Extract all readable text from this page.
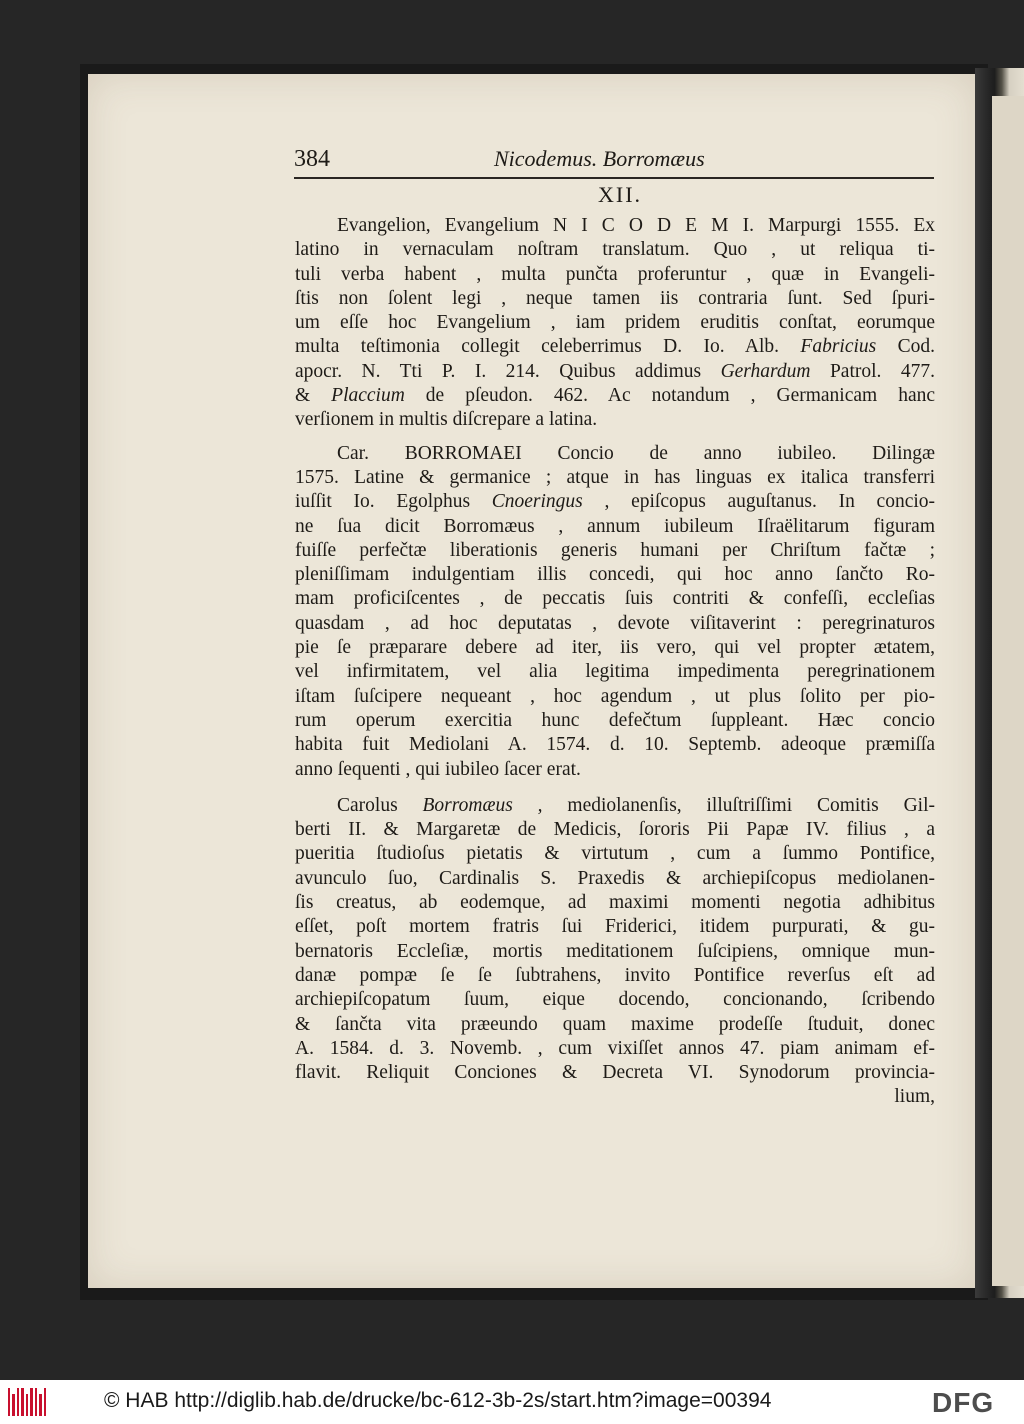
384	Nicodemus. Borromæus
XII.

Evangelion, Evangelium N I C O D E M I. Marpurgi 1555. Ex
latino in vernaculam noſtram translatum. Quo , ut reliqua ti-
tuli verba habent , multa punčta proferuntur , quæ in Evangeli-
ſtis non ſolent legi , neque tamen iis contraria ſunt. Sed ſpuri-
um eſſe hoc Evangelium , iam pridem eruditis conſtat, eorumque
multa teſtimonia collegit celeberrimus D. Io. Alb. Fabricius Cod.
apocr. N. Tti P. I. 214. Quibus addimus Gerhardum Patrol. 477.
& Placcium de pſeudon. 462. Ac notandum , Germanicam hanc
verſionem in multis diſcrepare a latina.

Car. BORROMAEI Concio de anno iubileo. Dilingæ
1575. Latine & germanice ; atque in has linguas ex italica transferri
iuſſit Io. Egolphus Cnoeringus , epiſcopus auguſtanus. In concio-
ne ſua dicit Borromæus , annum iubileum Iſraëlitarum figuram
fuiſſe perfečtæ liberationis generis humani per Chriſtum fačtæ ;
pleniſſimam indulgentiam illis concedi, qui hoc anno ſančto Ro-
mam proficiſcentes , de peccatis ſuis contriti & confeſſi, eccleſias
quasdam , ad hoc deputatas , devote viſitaverint : peregrinaturos
pie ſe præparare debere ad iter, iis vero, qui vel propter ætatem,
vel infirmitatem, vel alia legitima impedimenta peregrinationem
iſtam ſuſcipere nequeant , hoc agendum , ut plus ſolito per pio-
rum operum exercitia hunc defečtum ſuppleant. Hæc concio
habita fuit Mediolani A. 1574. d. 10. Septemb. adeoque præmiſſa
anno ſequenti , qui iubileo ſacer erat.

Carolus Borromæus , mediolanenſis, illuſtriſſimi Comitis Gil-
berti II. & Margaretæ de Medicis, ſororis Pii Papæ IV. filius , a
pueritia ſtudioſus pietatis & virtutum , cum a ſummo Pontifice,
avunculo ſuo, Cardinalis S. Praxedis & archiepiſcopus mediolanen-
ſis creatus, ab eodemque, ad maximi momenti negotia adhibitus
eſſet, poſt mortem fratris ſui Friderici, itidem purpurati, & gu-
bernatoris Eccleſiæ, mortis meditationem ſuſcipiens, omnique mun-
danæ pompæ ſe ſe ſubtrahens, invito Pontifice reverſus eſt ad
archiepiſcopatum ſuum, eique docendo, concionando, ſcribendo
& ſančta vita præeundo quam maxime prodeſſe ſtuduit, donec
A. 1584. d. 3. Novemb. , cum vixiſſet annos 47. piam animam ef-
flavit. Reliquit Conciones & Decreta VI. Synodorum provincia-
lium,

© HAB http://diglib.hab.de/drucke/bc-612-3b-2s/start.htm?image=00394	DFG
